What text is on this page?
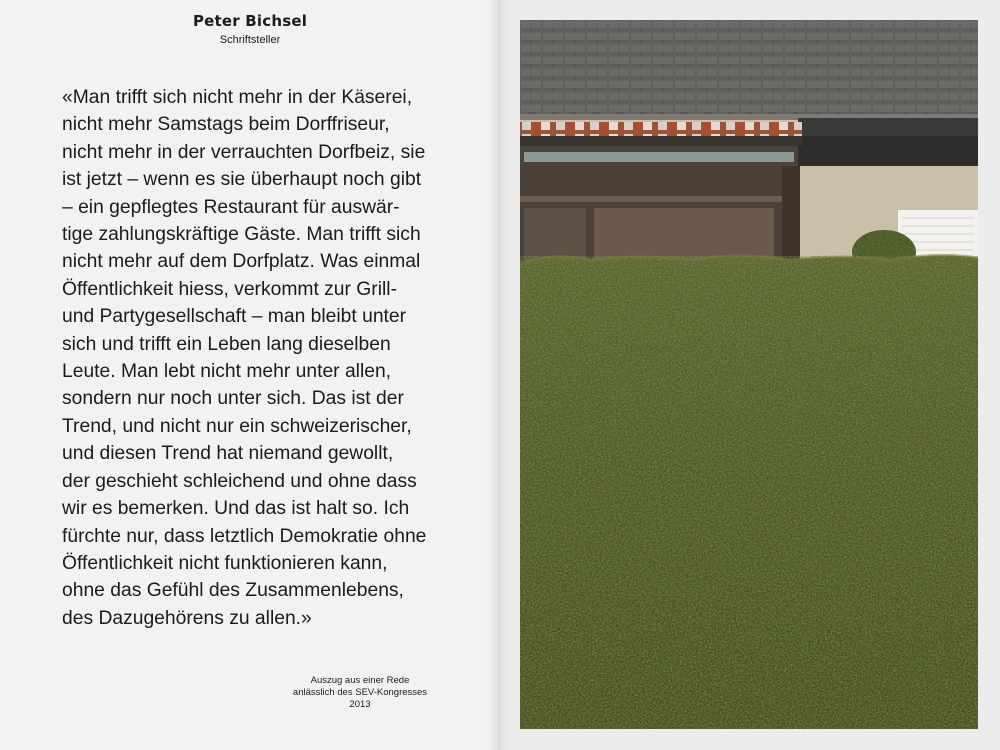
Peter Bichsel
Schriftsteller
«Man trifft sich nicht mehr in der Käserei,
nicht mehr Samstags beim Dorffriseur,
nicht mehr in der verrauchten Dorfbeiz, sie
ist jetzt – wenn es sie überhaupt noch gibt
– ein gepflegtes Restaurant für auswär-
tige zahlungskräftige Gäste. Man trifft sich
nicht mehr auf dem Dorfplatz. Was einmal
Öffentlichkeit hiess, verkommt zur Grill-
und Partygesellschaft – man bleibt unter
sich und trifft ein Leben lang dieselben
Leute. Man lebt nicht mehr unter allen,
sondern nur noch unter sich. Das ist der
Trend, und nicht nur ein schweizerischer,
und diesen Trend hat niemand gewollt,
der geschieht schleichend und ohne dass
wir es bemerken. Und das ist halt so. Ich
fürchte nur, dass letztlich Demokratie ohne
Öffentlichkeit nicht funktionieren kann,
ohne das Gefühl des Zusammenlebens,
des Dazugehörens zu allen.»
Auszug aus einer Rede
anlässlich des SEV-Kongresses
2013
